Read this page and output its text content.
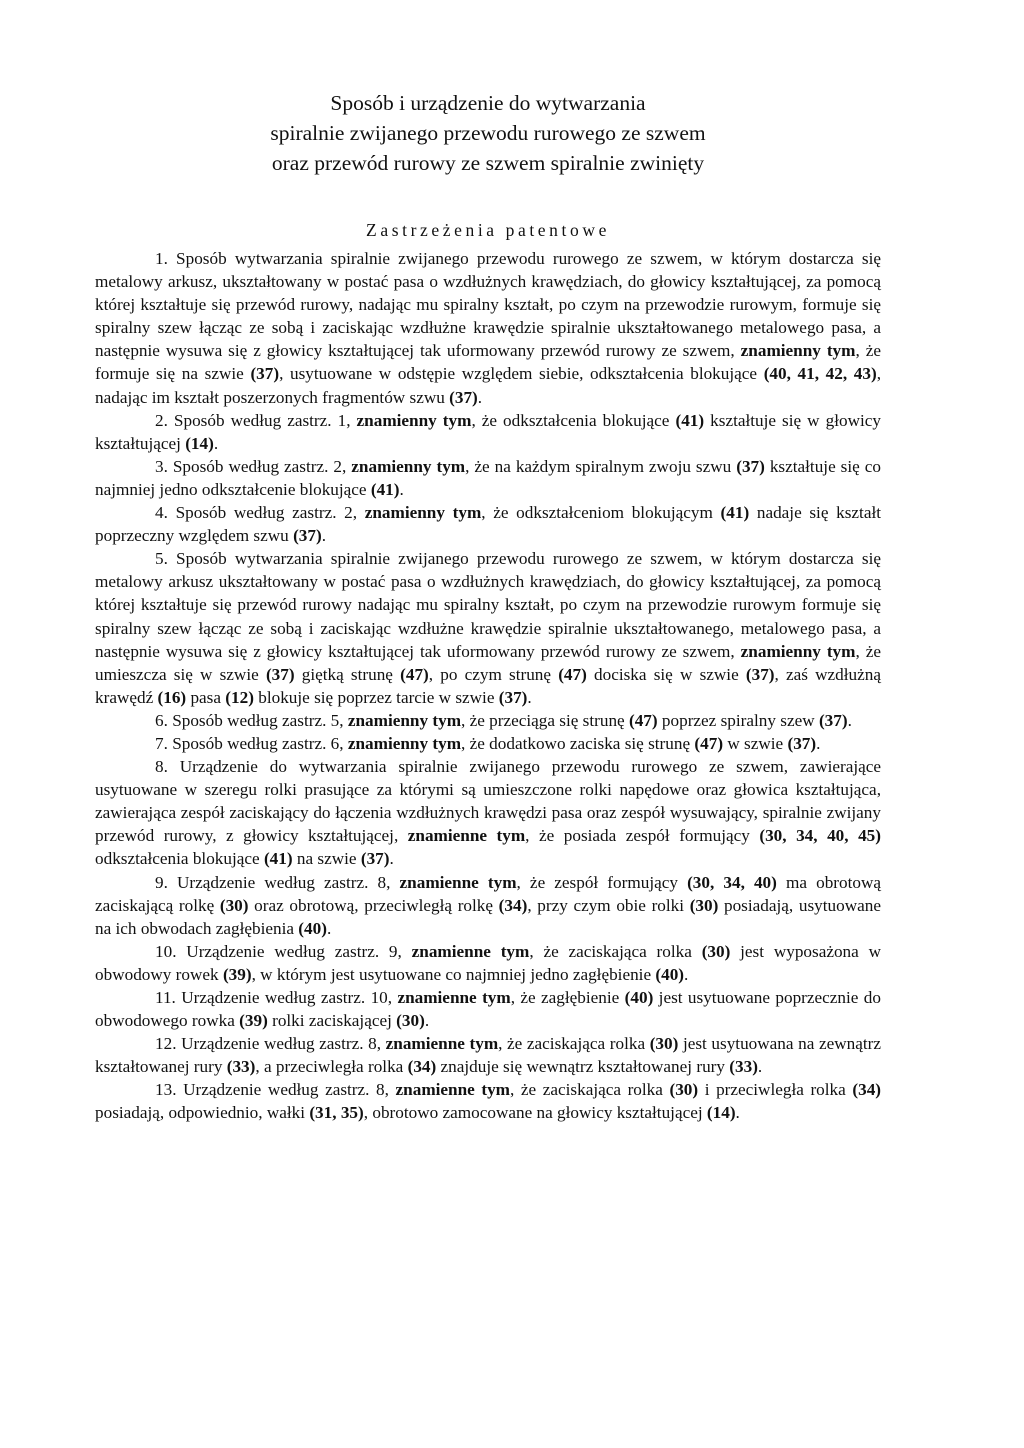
Sposób i urządzenie do wytwarzania
spiralnie zwijanego przewodu rurowego ze szwem
oraz przewód rurowy ze szwem spiralnie zwinięty
Zastrzeżenia patentowe

1. Sposób wytwarzania spiralnie zwijanego przewodu rurowego ze szwem, w którym dostarcza się metalowy arkusz, ukształtowany w postać pasa o wzdłużnych krawędziach, do głowicy kształtującej, za pomocą której kształtuje się przewód rurowy, nadając mu spiralny kształt, po czym na przewodzie rurowym, formuje się spiralny szew łącząc ze sobą i zaciskając wzdłużne krawędzie spiralnie ukształtowanego metalowego pasa, a następnie wysuwa się z głowicy kształtującej tak uformowany przewód rurowy ze szwem, znamienny tym, że formuje się na szwie (37), usytuowane w odstępie względem siebie, odkształcenia blokujące (40, 41, 42, 43), nadając im kształt poszerzonych fragmentów szwu (37).

2. Sposób według zastrz. 1, znamienny tym, że odkształcenia blokujące (41) kształtuje się w głowicy kształtującej (14).

3. Sposób według zastrz. 2, znamienny tym, że na każdym spiralnym zwoju szwu (37) kształtuje się co najmniej jedno odkształcenie blokujące (41).

4. Sposób według zastrz. 2, znamienny tym, że odkształceniom blokującym (41) nadaje się kształt poprzeczny względem szwu (37).

5. Sposób wytwarzania spiralnie zwijanego przewodu rurowego ze szwem, w którym dostarcza się metalowy arkusz ukształtowany w postać pasa o wzdłużnych krawędziach, do głowicy kształtującej, za pomocą której kształtuje się przewód rurowy nadając mu spiralny kształt, po czym na przewodzie rurowym formuje się spiralny szew łącząc ze sobą i zaciskając wzdłużne krawędzie spiralnie ukształtowanego, metalowego pasa, a następnie wysuwa się z głowicy kształtującej tak uformowany przewód rurowy ze szwem, znamienny tym, że umieszcza się w szwie (37) giętką strunę (47), po czym strunę (47) dociska się w szwie (37), zaś wzdłużną krawędź (16) pasa (12) blokuje się poprzez tarcie w szwie (37).

6. Sposób według zastrz. 5, znamienny tym, że przeciąga się strunę (47) poprzez spiralny szew (37).

7. Sposób według zastrz. 6, znamienny tym, że dodatkowo zaciska się strunę (47) w szwie (37).

8. Urządzenie do wytwarzania spiralnie zwijanego przewodu rurowego ze szwem, zawierające usytuowane w szeregu rolki prasujące za którymi są umieszczone rolki napędowe oraz głowica kształtująca, zawierająca zespół zaciskający do łączenia wzdłużnych krawędzi pasa oraz zespół wysuwający, spiralnie zwijany przewód rurowy, z głowicy kształtującej, znamienne tym, że posiada zespół formujący (30, 34, 40, 45) odkształcenia blokujące (41) na szwie (37).

9. Urządzenie według zastrz. 8, znamienne tym, że zespół formujący (30, 34, 40) ma obrotową zaciskającą rolkę (30) oraz obrotową, przeciwległą rolkę (34), przy czym obie rolki (30) posiadają, usytuowane na ich obwodach zagłębienia (40).

10. Urządzenie według zastrz. 9, znamienne tym, że zaciskająca rolka (30) jest wyposażona w obwodowy rowek (39), w którym jest usytuowane co najmniej jedno zagłębienie (40).

11. Urządzenie według zastrz. 10, znamienne tym, że zagłębienie (40) jest usytuowane poprzecznie do obwodowego rowka (39) rolki zaciskającej (30).

12. Urządzenie według zastrz. 8, znamienne tym, że zaciskająca rolka (30) jest usytuowana na zewnątrz kształtowanej rury (33), a przeciwległa rolka (34) znajduje się wewnątrz kształtowanej rury (33).

13. Urządzenie według zastrz. 8, znamienne tym, że zaciskająca rolka (30) i przeciwległa rolka (34) posiadają, odpowiednio, wałki (31, 35), obrotowo zamocowane na głowicy kształtującej (14).
